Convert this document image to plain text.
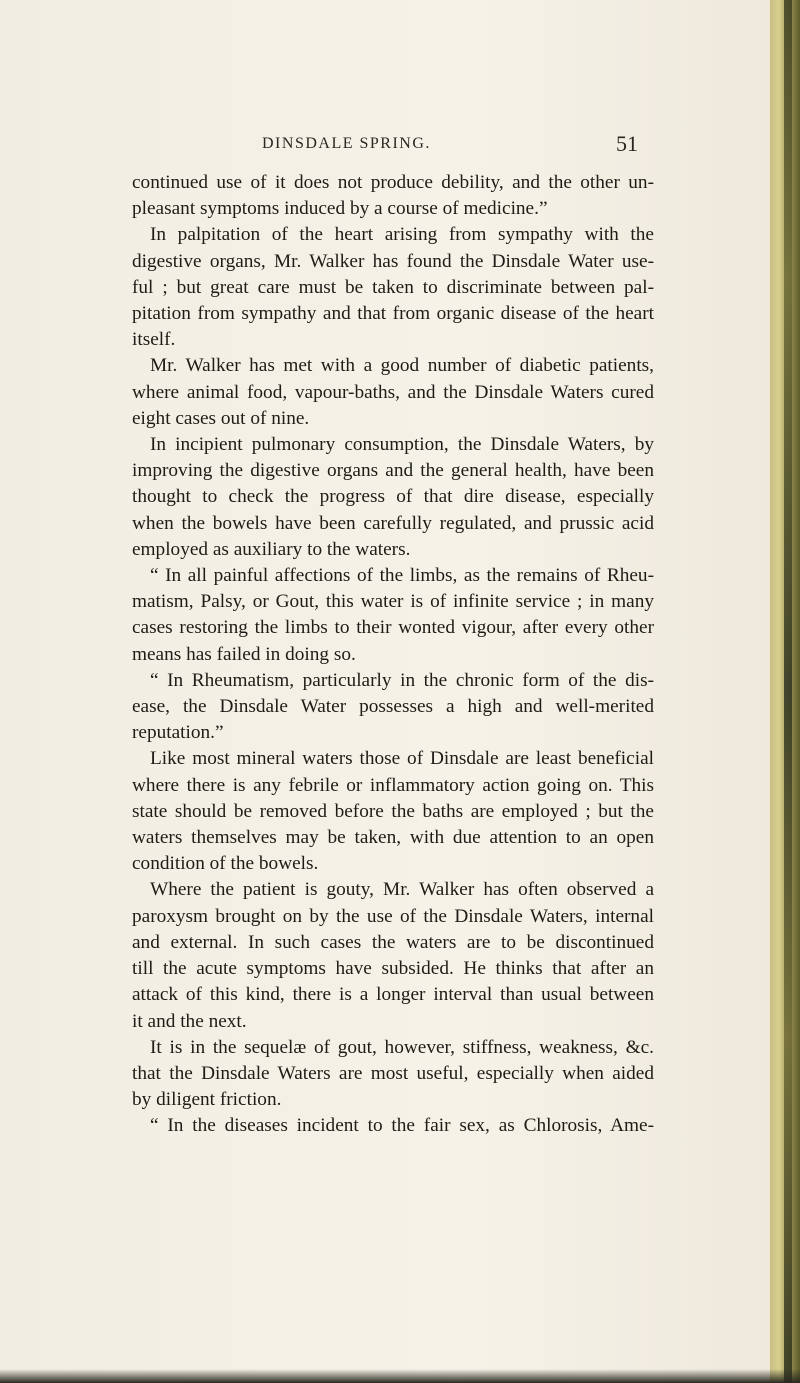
DINSDALE SPRING.	51
continued use of it does not produce debility, and the other un-
pleasant symptoms induced by a course of medicine.”
In palpitation of the heart arising from sympathy with the
digestive organs, Mr. Walker has found the Dinsdale Water use-
ful ; but great care must be taken to discriminate between pal-
pitation from sympathy and that from organic disease of the heart
itself.
Mr. Walker has met with a good number of diabetic patients,
where animal food, vapour-baths, and the Dinsdale Waters cured
eight cases out of nine.
In incipient pulmonary consumption, the Dinsdale Waters, by
improving the digestive organs and the general health, have been
thought to check the progress of that dire disease, especially
when the bowels have been carefully regulated, and prussic acid
employed as auxiliary to the waters.
“ In all painful affections of the limbs, as the remains of Rheu-
matism, Palsy, or Gout, this water is of infinite service ; in many
cases restoring the limbs to their wonted vigour, after every other
means has failed in doing so.
“ In Rheumatism, particularly in the chronic form of the dis-
ease, the Dinsdale Water possesses a high and well-merited
reputation.”
Like most mineral waters those of Dinsdale are least beneficial
where there is any febrile or inflammatory action going on. This
state should be removed before the baths are employed ; but the
waters themselves may be taken, with due attention to an open
condition of the bowels.
Where the patient is gouty, Mr. Walker has often observed a
paroxysm brought on by the use of the Dinsdale Waters, internal
and external. In such cases the waters are to be discontinued
till the acute symptoms have subsided. He thinks that after an
attack of this kind, there is a longer interval than usual between
it and the next.
It is in the sequelæ of gout, however, stiffness, weakness, &c.
that the Dinsdale Waters are most useful, especially when aided
by diligent friction.
“ In the diseases incident to the fair sex, as Chlorosis, Ame-
